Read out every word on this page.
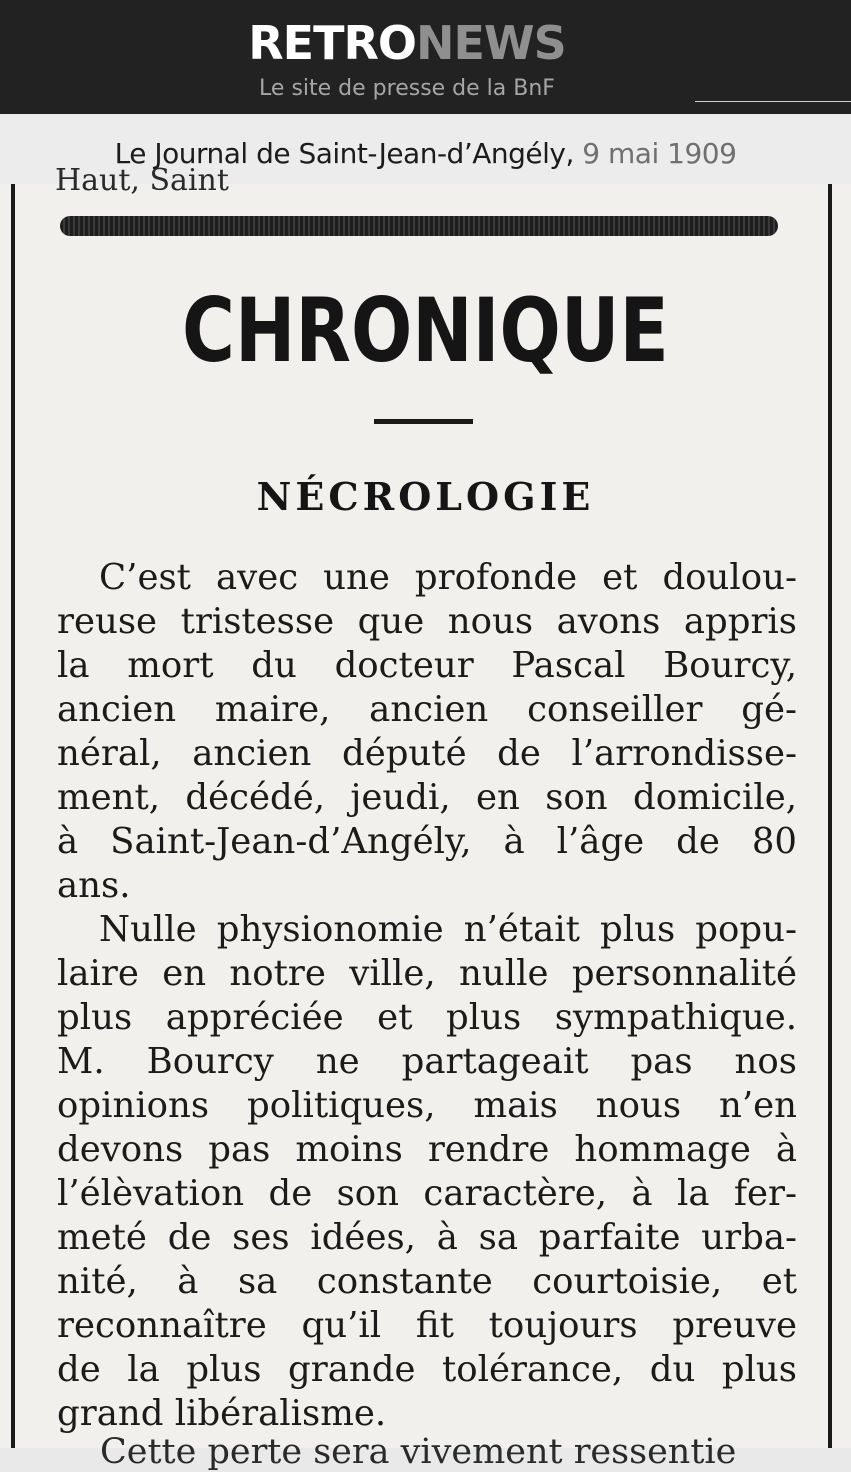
RETRONEWS
Le site de presse de la BnF
Le Journal de Saint-Jean-d’Angély, 9 mai 1909
Haut, Saint
CHRONIQUE
NÉCROLOGIE
C’est avec une profonde et doulou-
reuse tristesse que nous avons appris
la mort du docteur Pascal Bourcy,
ancien maire, ancien conseiller gé-
néral, ancien député de l’arrondisse-
ment, décédé, jeudi, en son domicile,
à Saint-Jean-d’Angély, à l’âge de 80
ans.
Nulle physionomie n’était plus popu-
laire en notre ville, nulle personnalité
plus appréciée et plus sympathique.
M. Bourcy ne partageait pas nos
opinions politiques, mais nous n’en
devons pas moins rendre hommage à
l’élèvation de son caractère, à la fer-
meté de ses idées, à sa parfaite urba-
nité, à sa constante courtoisie, et
reconnaître qu’il fit toujours preuve
de la plus grande tolérance, du plus
grand libéralisme.
Cette perte sera vivement ressentie
